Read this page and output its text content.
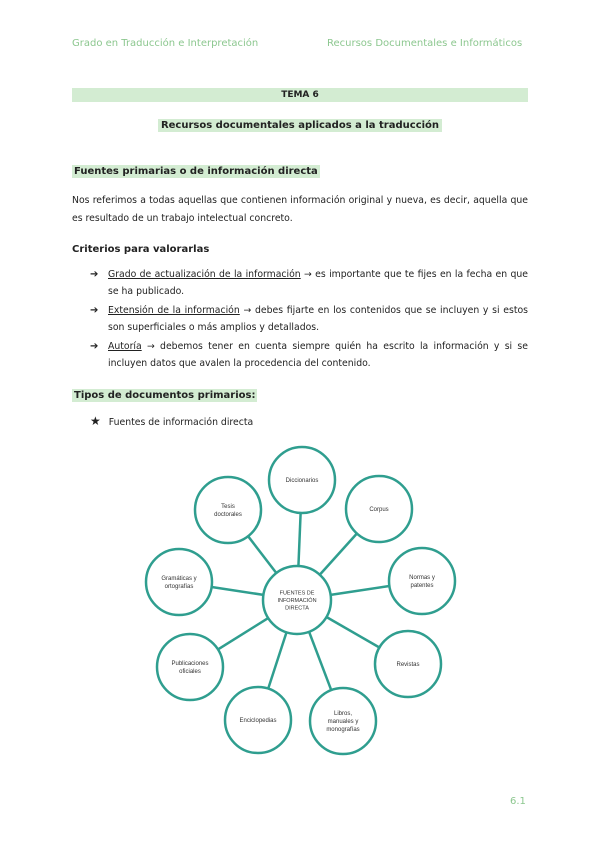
Grado en Traducción e Interpretación	Recursos Documentales e Informáticos
TEMA 6
Recursos documentales aplicados a la traducción
Fuentes primarias o de información directa
Nos referimos a todas aquellas que contienen información original y nueva, es decir, aquella que es resultado de un trabajo intelectual concreto.
Criterios para valorarlas
➔ Grado de actualización de la información → es importante que te fijes en la fecha en que se ha publicado.
➔ Extensión de la información → debes fijarte en los contenidos que se incluyen y si estos son superficiales o más amplios y detallados.
➔ Autoría → debemos tener en cuenta siempre quién ha escrito la información y si se incluyen datos que avalen la procedencia del contenido.
Tipos de documentos primarios:
★ Fuentes de información directa
Diccionarios
Corpus
Normas y
patentes
Revistas
Libros,
manuales y
monografías
Enciclopedias
Publicaciones
oficiales
Gramáticas y
ortografías
Tesis
doctorales
FUENTES DE
INFORMACIÓN
DIRECTA
6.1
